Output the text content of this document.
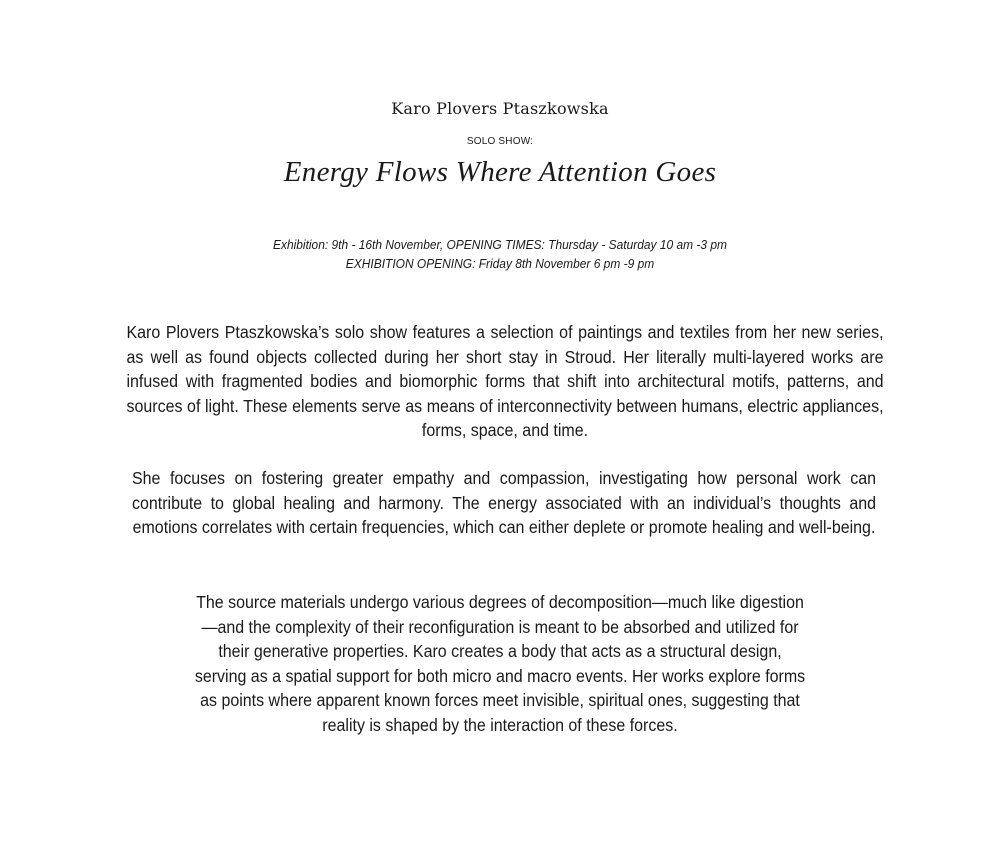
Karo Plovers Ptaszkowska
SOLO SHOW:
Energy Flows Where Attention Goes
Exhibition: 9th - 16th November, OPENING TIMES: Thursday - Saturday 10 am -3 pm
EXHIBITION OPENING: Friday 8th November 6 pm -9 pm

Karo Plovers Ptaszkowska’s solo show features a selection of paintings and textiles from her new series, as well as found objects collected during her short stay in Stroud. Her literally multi-layered works are infused with fragmented bodies and biomorphic forms that shift into architectural motifs, patterns, and sources of light. These elements serve as means of interconnectivity between humans, electric appliances, forms, space, and time.

She focuses on fostering greater empathy and compassion, investigating how personal work can contribute to global healing and harmony. The energy associated with an individual’s thoughts and emotions correlates with certain frequencies, which can either deplete or promote healing and well-being.

The source materials undergo various degrees of decomposition—much like digestion—and the complexity of their reconfiguration is meant to be absorbed and utilized for their generative properties. Karo creates a body that acts as a structural design, serving as a spatial support for both micro and macro events. Her works explore forms as points where apparent known forces meet invisible, spiritual ones, suggesting that reality is shaped by the interaction of these forces.
